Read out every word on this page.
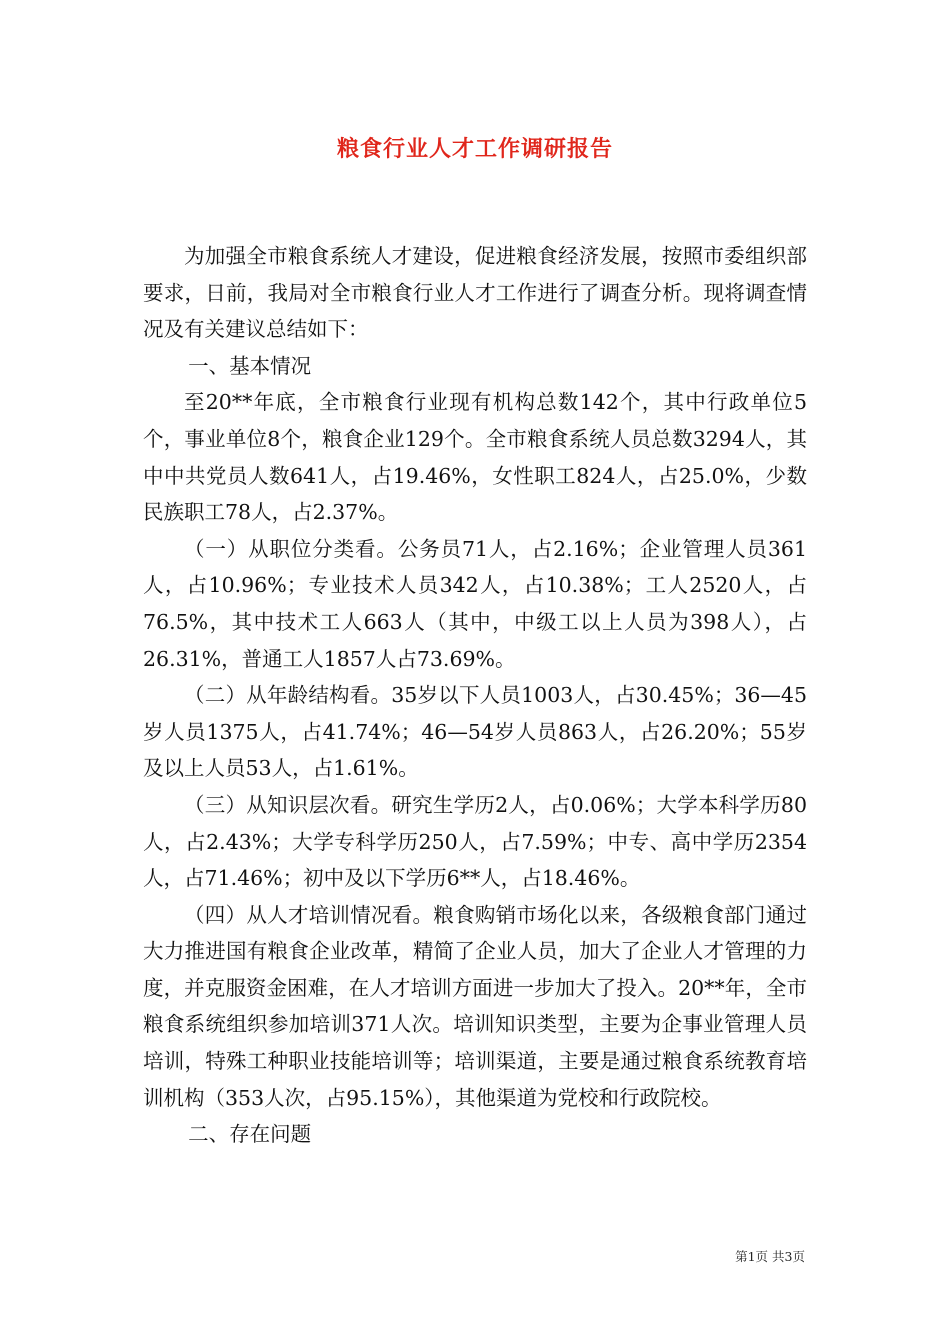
粮食行业人才工作调研报告

为加强全市粮食系统人才建设，促进粮食经济发展，按照市委组织部要求，日前，我局对全市粮食行业人才工作进行了调查分析。现将调查情况及有关建议总结如下：

一、基本情况

至20**年底，全市粮食行业现有机构总数142个，其中行政单位5个，事业单位8个，粮食企业129个。全市粮食系统人员总数3294人，其中中共党员人数641人，占19.46%，女性职工824人，占25.0%，少数民族职工78人，占2.37%。

（一）从职位分类看。公务员71人，占2.16%；企业管理人员361人，占10.96%；专业技术人员342人，占10.38%；工人2520人，占76.5%，其中技术工人663人（其中，中级工以上人员为398人），占26.31%，普通工人1857人占73.69%。

（二）从年龄结构看。35岁以下人员1003人，占30.45%；36—45岁人员1375人，占41.74%；46—54岁人员863人，占26.20%；55岁及以上人员53人，占1.61%。

（三）从知识层次看。研究生学历2人，占0.06%；大学本科学历80人，占2.43%；大学专科学历250人，占7.59%；中专、高中学历2354人，占71.46%；初中及以下学历6**人，占18.46%。

（四）从人才培训情况看。粮食购销市场化以来，各级粮食部门通过大力推进国有粮食企业改革，精简了企业人员，加大了企业人才管理的力度，并克服资金困难，在人才培训方面进一步加大了投入。20**年，全市粮食系统组织参加培训371人次。培训知识类型，主要为企事业管理人员培训，特殊工种职业技能培训等；培训渠道，主要是通过粮食系统教育培训机构（353人次，占95.15%），其他渠道为党校和行政院校。

二、存在问题

第1页 共3页
